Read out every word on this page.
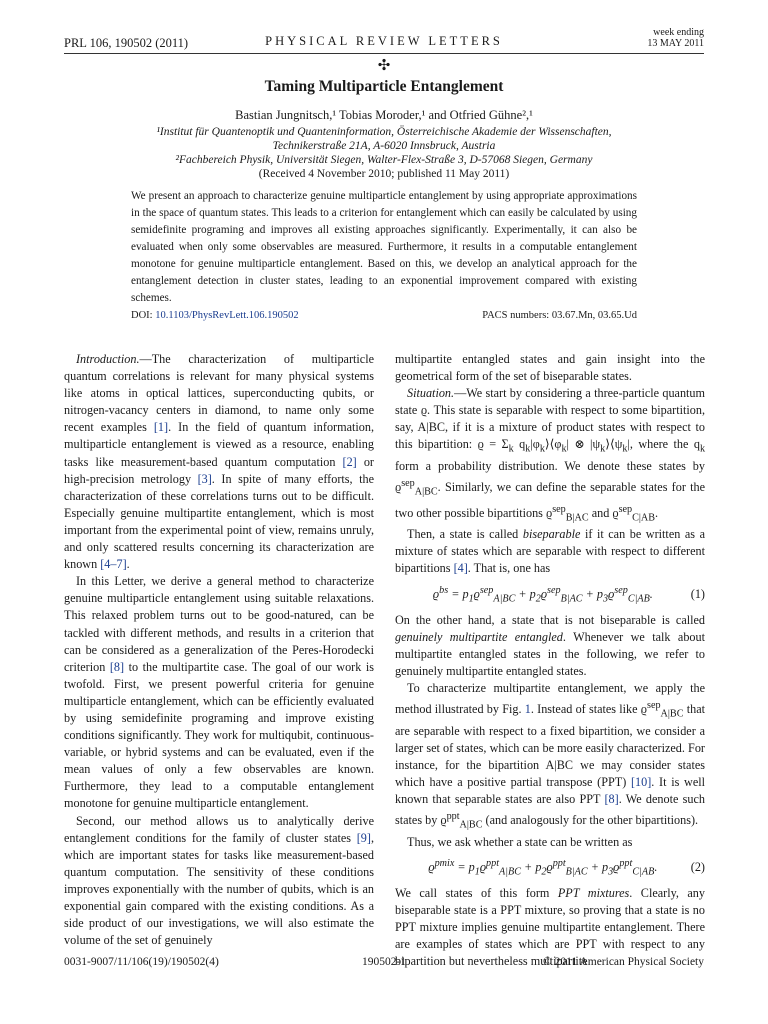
PRL 106, 190502 (2011)	PHYSICAL REVIEW LETTERS
week ending
13 MAY 2011
✣
Taming Multiparticle Entanglement
Bastian Jungnitsch,¹ Tobias Moroder,¹ and Otfried Gühne²,¹
¹Institut für Quantenoptik und Quanteninformation, Österreichische Akademie der Wissenschaften,
Technikerstraße 21A, A-6020 Innsbruck, Austria
²Fachbereich Physik, Universität Siegen, Walter-Flex-Straße 3, D-57068 Siegen, Germany
(Received 4 November 2010; published 11 May 2011)
We present an approach to characterize genuine multiparticle entanglement by using appropriate approximations in the space of quantum states. This leads to a criterion for entanglement which can easily be calculated by using semidefinite programing and improves all existing approaches significantly. Experimentally, it can also be evaluated when only some observables are measured. Furthermore, it results in a computable entanglement monotone for genuine multiparticle entanglement. Based on this, we develop an analytical approach for the entanglement detection in cluster states, leading to an exponential improvement compared with existing schemes.
DOI: 10.1103/PhysRevLett.106.190502	PACS numbers: 03.67.Mn, 03.65.Ud

Introduction.—The characterization of multiparticle quantum correlations is relevant for many physical systems like atoms in optical lattices, superconducting qubits, or nitrogen-vacancy centers in diamond, to name only some recent examples [1]. In the field of quantum information, multiparticle entanglement is viewed as a resource, enabling tasks like measurement-based quantum computation [2] or high-precision metrology [3]. In spite of many efforts, the characterization of these correlations turns out to be difficult. Especially genuine multipartite entanglement, which is most important from the experimental point of view, remains unruly, and only scattered results concerning its characterization are known [4–7].

In this Letter, we derive a general method to characterize genuine multiparticle entanglement using suitable relaxations. This relaxed problem turns out to be good-natured, can be tackled with different methods, and results in a criterion that can be considered as a generalization of the Peres-Horodecki criterion [8] to the multipartite case. The goal of our work is twofold. First, we present powerful criteria for genuine multiparticle entanglement, which can be efficiently evaluated by using semidefinite programing and improve existing conditions significantly. They work for multiqubit, continuous-variable, or hybrid systems and can be evaluated, even if the mean values of only a few observables are known. Furthermore, they lead to a computable entanglement monotone for genuine multiparticle entanglement.

Second, our method allows us to analytically derive entanglement conditions for the family of cluster states [9], which are important states for tasks like measurement-based quantum computation. The sensitivity of these conditions improves exponentially with the number of qubits, which is an exponential gain compared with the existing conditions. As a side product of our investigations, we will also estimate the volume of the set of genuinely

multipartite entangled states and gain insight into the geometrical form of the set of biseparable states.

Situation.—We start by considering a three-particle quantum state ϱ. This state is separable with respect to some bipartition, say, A|BC, if it is a mixture of product states with respect to this bipartition: $ϱ = \Sigma_k$ $q_k|\varphi_k⟩⟨\varphi_k|$ ⊗ $|\psi_k⟩⟨\psi_k|$, where the $q_k$ form a probability distribution. We denote these states by $ϱ^{sep}_{A|BC}$. Similarly, we can define the separable states for the two other possible bipartitions $ϱ^{sep}_{B|AC}$ and $ϱ^{sep}_{C|AB}$.

Then, a state is called biseparable if it can be written as a mixture of states which are separable with respect to different bipartitions [4]. That is, one has

$ϱ^{bs} = p_1ϱ^{sep}_{A|BC} + p_2ϱ^{sep}_{B|AC} + p_3ϱ^{sep}_{C|AB}$.	(1)

On the other hand, a state that is not biseparable is called genuinely multipartite entangled. Whenever we talk about multipartite entangled states in the following, we refer to genuinely multipartite entangled states.

To characterize multipartite entanglement, we apply the method illustrated by Fig. 1. Instead of states like $ϱ^{sep}_{A|BC}$ that are separable with respect to a fixed bipartition, we consider a larger set of states, which can be more easily characterized. For instance, for the bipartition A|BC we may consider states which have a positive partial transpose (PPT) [10]. It is well known that separable states are also PPT [8]. We denote such states by $ϱ^{ppt}_{A|BC}$ (and analogously for the other bipartitions).

Thus, we ask whether a state can be written as

$ϱ^{pmix} = p_1ϱ^{ppt}_{A|BC} + p_2ϱ^{ppt}_{B|AC} + p_3ϱ^{ppt}_{C|AB}$.	(2)

We call states of this form PPT mixtures. Clearly, any biseparable state is a PPT mixture, so proving that a state is no PPT mixture implies genuine multipartite entanglement. There are examples of states which are PPT with respect to any bipartition but nevertheless multipartite

0031-9007/11/106(19)/190502(4)	190502-1	© 2011 American Physical Society
